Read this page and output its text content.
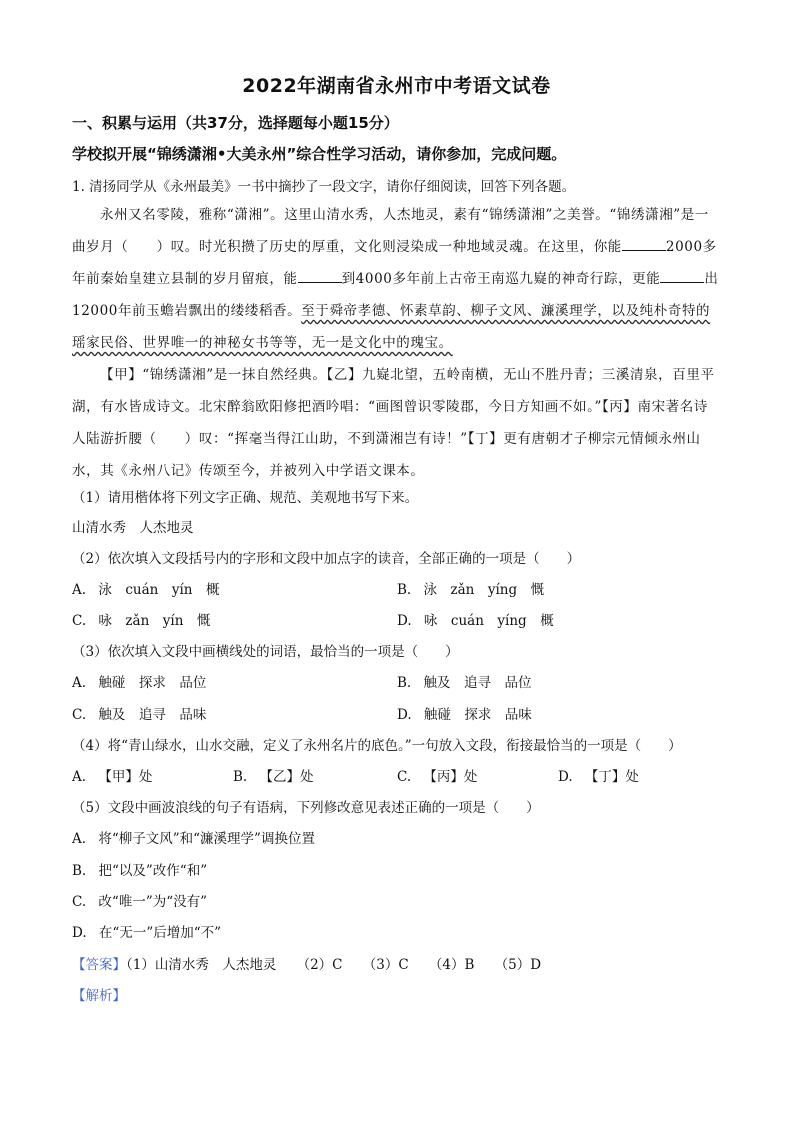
2022年湖南省永州市中考语文试卷
一、积累与运用（共37分，选择题每小题15分）
学校拟开展“锦绣潇湘•大美永州”综合性学习活动，请你参加，完成问题。
1. 清扬同学从《永州最美》一书中摘抄了一段文字，请你仔细阅读，回答下列各题。

永州又名零陵，雅称“潇湘”。这里山清水秀，人杰地灵，素有“锦绣潇湘”之美誉。“锦绣潇湘”是一曲岁月（　　）叹。时光积攒了历史的厚重，文化则浸染成一种地域灵魂。在这里，你能	2000多年前秦始皇建立县制的岁月留痕，能	到4000多年前上古帝王南巡九嶷的神奇行踪，更能	出12000年前玉蟾岩飘出的缕缕稻香。至于舜帝孝德、怀素草韵、柳子文风、濂溪理学，以及纯朴奇特的瑶家民俗、世界唯一的神秘女书等等，无一是文化中的瑰宝。

【甲】“锦绣潇湘”是一抹自然经典。【乙】九嶷北望，五岭南横，无山不胜丹青；三溪清泉，百里平湖，有水皆成诗文。北宋醉翁欧阳修把酒吟唱：“画图曾识零陵郡，今日方知画不如。”【丙】南宋著名诗人陆游折腰（　　）叹：“挥毫当得江山助，不到潇湘岂有诗！”【丁】更有唐朝才子柳宗元情倾永州山水，其《永州八记》传颂至今，并被列入中学语文课本。

（1）请用楷体将下列文字正确、规范、美观地书写下来。
山清水秀　人杰地灵
（2）依次填入文段括号内的字形和文段中加点字的读音，全部正确的一项是（　　）
A. 泳　cuán　yín　概	B. 泳　zǎn　yíng　慨
C. 咏　zǎn　yín　慨	D. 咏　cuán　yíng　概
（3）依次填入文段中画横线处的词语，最恰当的一项是（　　）
A. 触碰　探求　品位	B. 触及　追寻　品位
C. 触及　追寻　品味	D. 触碰　探求　品味
（4）将“青山绿水，山水交融，定义了永州名片的底色。”一句放入文段，衔接最恰当的一项是（　　）
A. 【甲】处	B. 【乙】处	C. 【丙】处	D. 【丁】处
（5）文段中画波浪线的句子有语病，下列修改意见表述正确的一项是（　　）
A. 将“柳子文风”和“濂溪理学”调换位置
B. 把“以及”改作“和”
C. 改“唯一”为“没有”
D. 在“无一”后增加“不”
【答案】（1）山清水秀　人杰地灵　　（2）C　　（3）C　　（4）B　　（5）D
【解析】
